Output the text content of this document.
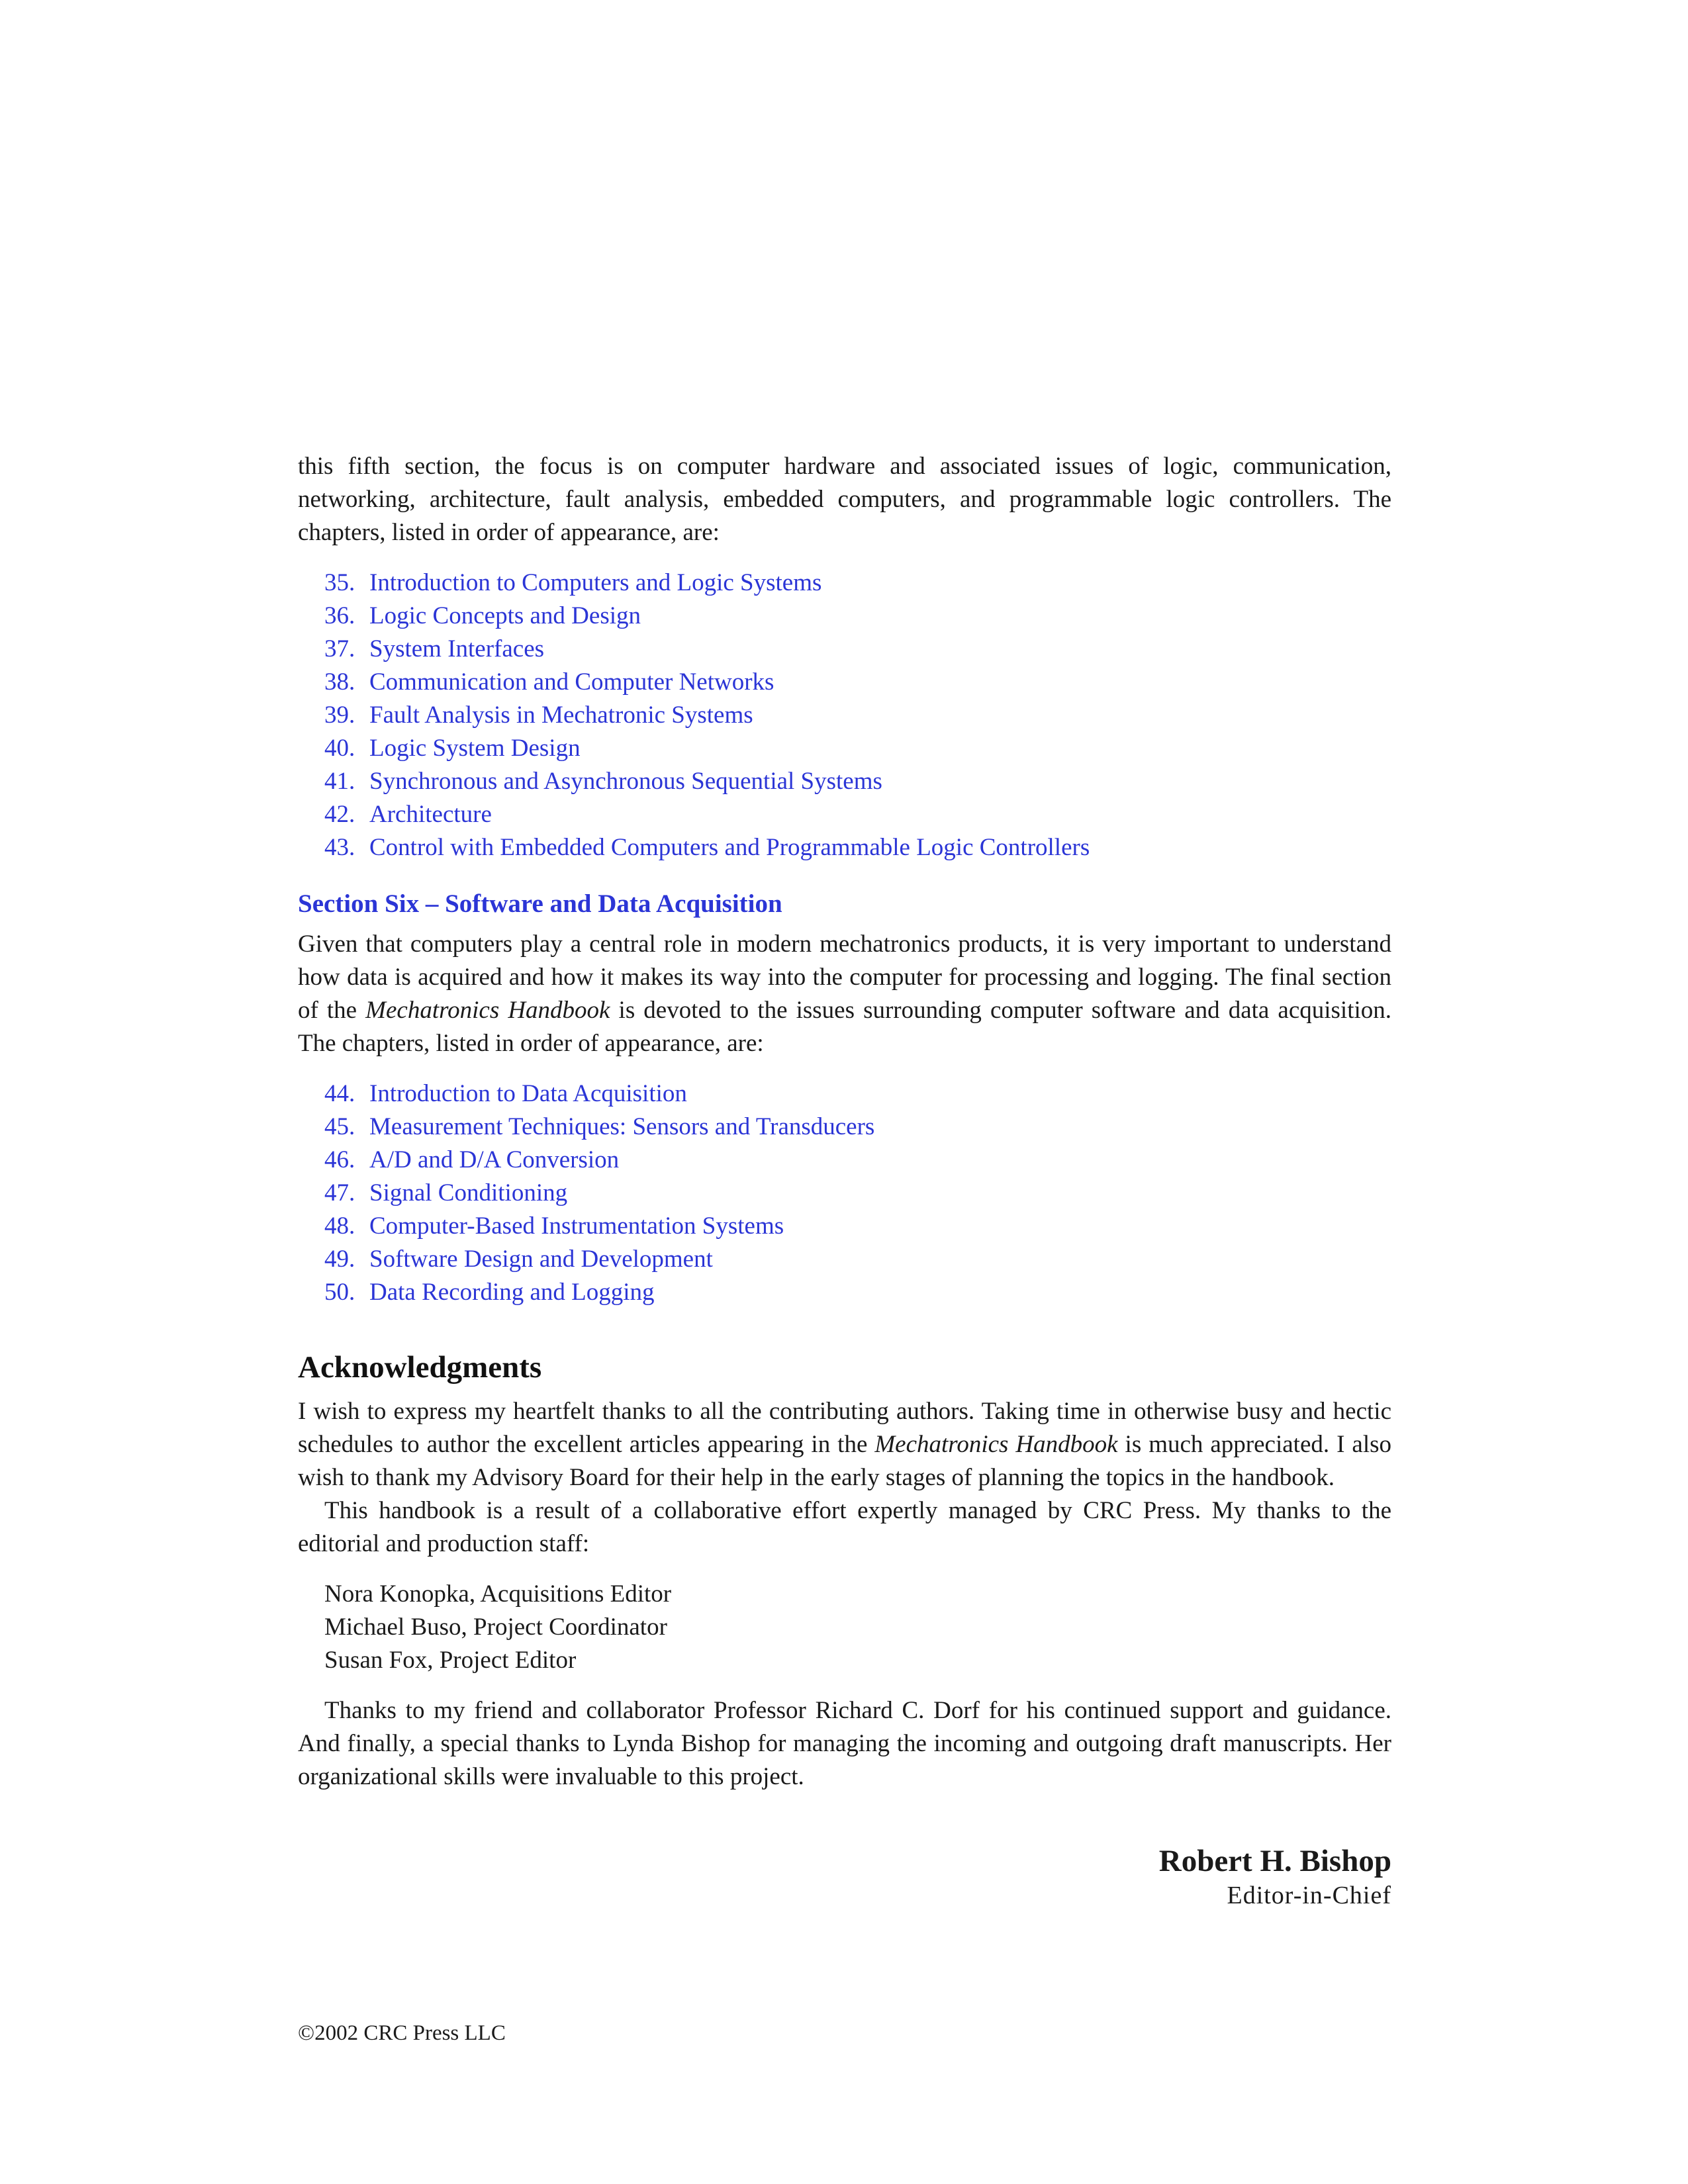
this fifth section, the focus is on computer hardware and associated issues of logic, communication, networking, architecture, fault analysis, embedded computers, and programmable logic controllers. The chapters, listed in order of appearance, are:

35. Introduction to Computers and Logic Systems
36. Logic Concepts and Design
37. System Interfaces
38. Communication and Computer Networks
39. Fault Analysis in Mechatronic Systems
40. Logic System Design
41. Synchronous and Asynchronous Sequential Systems
42. Architecture
43. Control with Embedded Computers and Programmable Logic Controllers
Section Six – Software and Data Acquisition

Given that computers play a central role in modern mechatronics products, it is very important to understand how data is acquired and how it makes its way into the computer for processing and logging. The final section of the Mechatronics Handbook is devoted to the issues surrounding computer software and data acquisition. The chapters, listed in order of appearance, are:

44. Introduction to Data Acquisition
45. Measurement Techniques: Sensors and Transducers
46. A/D and D/A Conversion
47. Signal Conditioning
48. Computer-Based Instrumentation Systems
49. Software Design and Development
50. Data Recording and Logging
Acknowledgments

I wish to express my heartfelt thanks to all the contributing authors. Taking time in otherwise busy and hectic schedules to author the excellent articles appearing in the Mechatronics Handbook is much appreciated. I also wish to thank my Advisory Board for their help in the early stages of planning the topics in the handbook.

This handbook is a result of a collaborative effort expertly managed by CRC Press. My thanks to the editorial and production staff:

Nora Konopka, Acquisitions Editor
Michael Buso, Project Coordinator
Susan Fox, Project Editor

Thanks to my friend and collaborator Professor Richard C. Dorf for his continued support and guidance. And finally, a special thanks to Lynda Bishop for managing the incoming and outgoing draft manuscripts. Her organizational skills were invaluable to this project.

Robert H. Bishop
Editor-in-Chief
©2002 CRC Press LLC
